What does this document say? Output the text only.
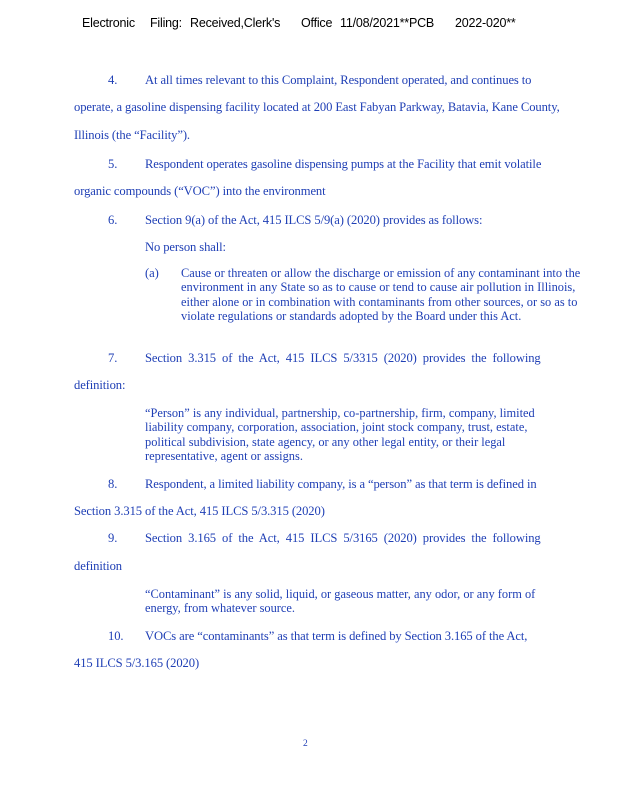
Electronic Filing: Received,Clerk's Office 11/08/2021**PCB 2022-020**
4. At all times relevant to this Complaint, Respondent operated, and continues to
operate, a gasoline dispensing facility located at 200 East Fabyan Parkway, Batavia, Kane County,
Illinois (the “Facility”).
5. Respondent operates gasoline dispensing pumps at the Facility that emit volatile
organic compounds (“VOC”) into the environment
6. Section 9(a) of the Act, 415 ILCS 5/9(a) (2020) provides as follows:
No person shall:
(a) Cause or threaten or allow the discharge or emission of any contaminant into the environment in any State so as to cause or tend to cause air pollution in Illinois, either alone or in combination with contaminants from other sources, or so as to violate regulations or standards adopted by the Board under this Act.
7. Section 3.315 of the Act, 415 ILCS 5/3315 (2020) provides the following
definition:
“Person” is any individual, partnership, co-partnership, firm, company, limited liability company, corporation, association, joint stock company, trust, estate, political subdivision, state agency, or any other legal entity, or their legal representative, agent or assigns.
8. Respondent, a limited liability company, is a “person” as that term is defined in
Section 3.315 of the Act, 415 ILCS 5/3.315 (2020)
9. Section 3.165 of the Act, 415 ILCS 5/3165 (2020) provides the following
definition
“Contaminant” is any solid, liquid, or gaseous matter, any odor, or any form of energy, from whatever source.
10. VOCs are “contaminants” as that term is defined by Section 3.165 of the Act,
415 ILCS 5/3.165 (2020)
2
